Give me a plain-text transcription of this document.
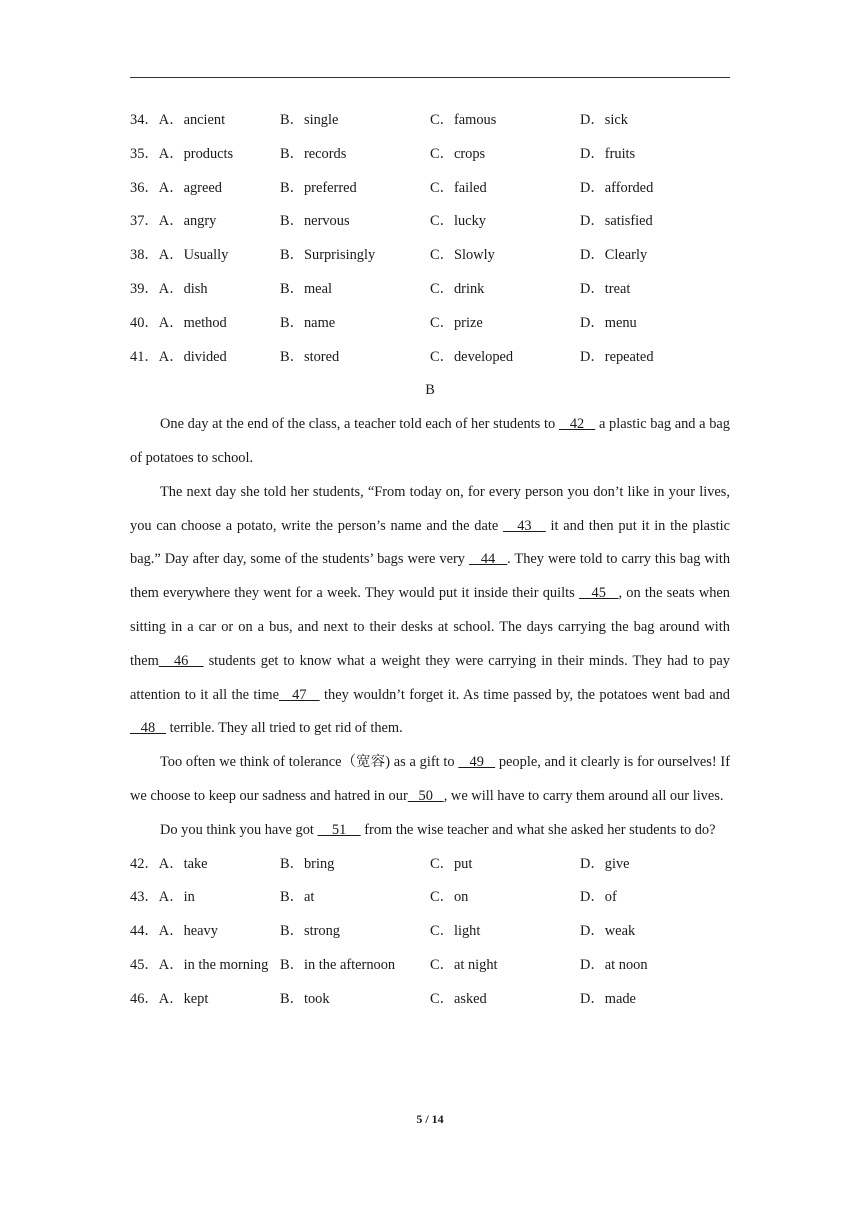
34．A．ancient	B．single	C．famous	D．sick
35．A．products	B．records	C．crops	D．fruits
36．A．agreed	B．preferred	C．failed	D．afforded
37．A．angry	B．nervous	C．lucky	D．satisfied
38．A．Usually	B．Surprisingly	C．Slowly	D．Clearly
39．A．dish	B．meal	C．drink	D．treat
40．A．method	B．name	C．prize	D．menu
41．A．divided	B．stored	C．developed	D．repeated
B

One day at the end of the class, a teacher told each of her students to    42    a plastic bag and a bag of potatoes to school.

The next day she told her students, “From today on, for every person you don’t like in your lives, you can choose a potato, write the person’s name and the date    43    it and then put it in the plastic bag.” Day after day, some of the students’ bags were very    44   . They were told to carry this bag with them everywhere they went for a week. They would put it inside their quilts    45   , on the seats when sitting in a car or on a bus, and next to their desks at school. The days carrying the bag around with them   46    students get to know what a weight they were carrying in their minds. They had to pay attention to it all the time   47    they wouldn’t forget it. As time passed by, the potatoes went bad and    48    terrible. They all tried to get rid of them.

Too often we think of tolerance（宽容) as a gift to    49    people, and it clearly is for ourselves! If we choose to keep our sadness and hatred in our   50   , we will have to carry them around all our lives.

Do you think you have got     51     from the wise teacher and what she asked her students to do?

42．A．take	B．bring	C．put	D．give
43．A．in	B．at	C．on	D．of
44．A．heavy	B．strong	C．light	D．weak
45．A．in the morning B．in the afternoon C．at night	D．at noon
46．A．kept	B．took	C．asked	D．made
5 / 14
